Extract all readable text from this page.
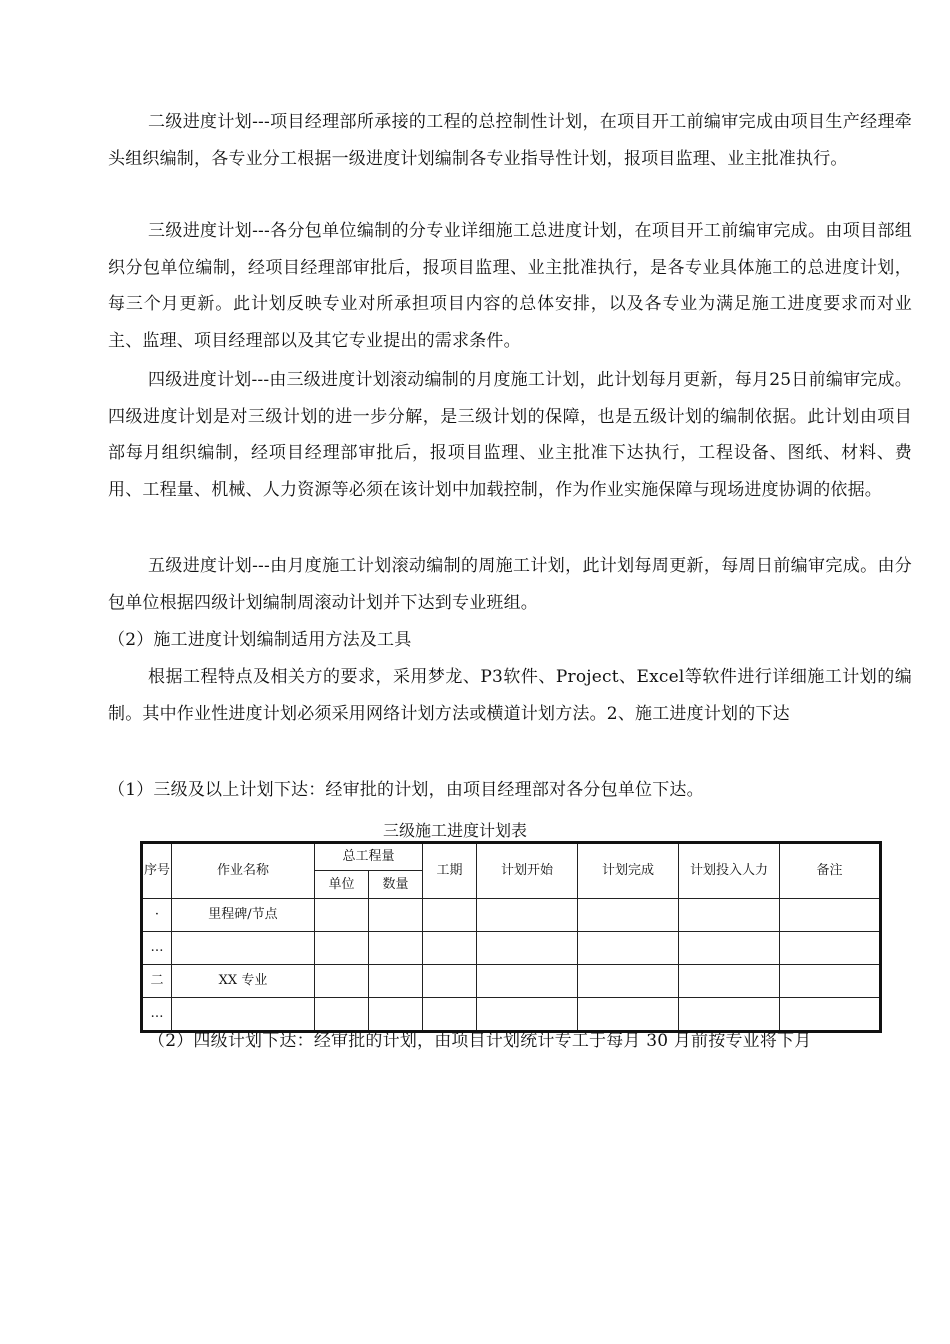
二级进度计划---项目经理部所承接的工程的总控制性计划，在项目开工前编审完成由项目生产经理牵头组织编制，各专业分工根据一级进度计划编制各专业指导性计划，报项目监理、业主批准执行。

三级进度计划---各分包单位编制的分专业详细施工总进度计划，在项目开工前编审完成。由项目部组织分包单位编制，经项目经理部审批后，报项目监理、业主批准执行，是各专业具体施工的总进度计划，每三个月更新。此计划反映专业对所承担项目内容的总体安排，以及各专业为满足施工进度要求而对业主、监理、项目经理部以及其它专业提出的需求条件。

四级进度计划---由三级进度计划滚动编制的月度施工计划，此计划每月更新，每月25日前编审完成。四级进度计划是对三级计划的进一步分解，是三级计划的保障，也是五级计划的编制依据。此计划由项目部每月组织编制，经项目经理部审批后，报项目监理、业主批准下达执行，工程设备、图纸、材料、费用、工程量、机械、人力资源等必须在该计划中加载控制，作为作业实施保障与现场进度协调的依据。

五级进度计划---由月度施工计划滚动编制的周施工计划，此计划每周更新，每周日前编审完成。由分包单位根据四级计划编制周滚动计划并下达到专业班组。

（2）施工进度计划编制适用方法及工具

根据工程特点及相关方的要求，采用梦龙、P3软件、Project、Excel等软件进行详细施工计划的编制。其中作业性进度计划必须采用网络计划方法或横道计划方法。2、施工进度计划的下达

（1）三级及以上计划下达：经审批的计划，由项目经理部对各分包单位下达。

三级施工进度计划表
序号	作业名称	总工程量		工期	计划开始	计划完成	计划投入人力	备注
		单位	数量					
·	里程碑/节点							
…								
二	XX 专业							
…								
（2）四级计划下达：经审批的计划，由项目计划统计专工于每月 30 月前按专业将下月
